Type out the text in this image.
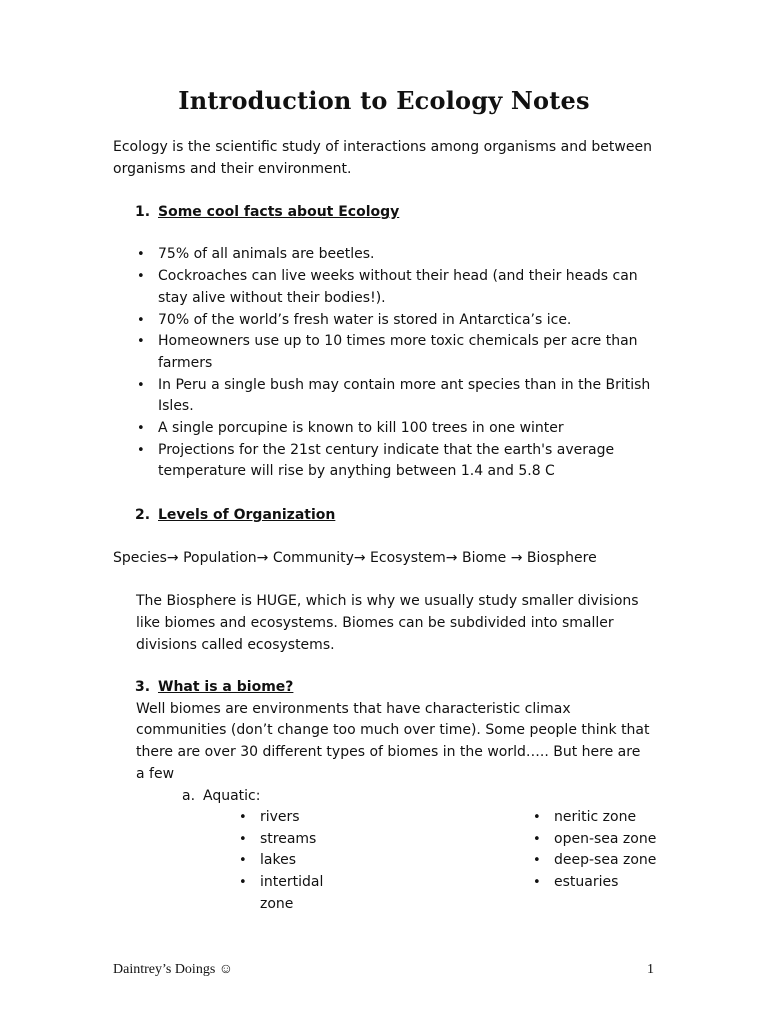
Introduction to Ecology Notes
Ecology is the scientific study of interactions among organisms and between
organisms and their environment.
1. Some cool facts about Ecology
• 75% of all animals are beetles.
• Cockroaches can live weeks without their head (and their heads can
stay alive without their bodies!).
• 70% of the world’s fresh water is stored in Antarctica’s ice.
• Homeowners use up to 10 times more toxic chemicals per acre than
farmers
• In Peru a single bush may contain more ant species than in the British
Isles.
• A single porcupine is known to kill 100 trees in one winter
• Projections for the 21st century indicate that the earth's average
temperature will rise by anything between 1.4 and 5.8 C
2. Levels of Organization
Species→ Population→ Community→ Ecosystem→ Biome → Biosphere
The Biosphere is HUGE, which is why we usually study smaller divisions
like biomes and ecosystems. Biomes can be subdivided into smaller
divisions called ecosystems.
3. What is a biome?
Well biomes are environments that have characteristic climax
communities (don’t change too much over time). Some people think that
there are over 30 different types of biomes in the world….. But here are
a few
a. Aquatic:
• rivers
• streams
• lakes
• intertidal
zone
• neritic zone
• open-sea zone
• deep-sea zone
• estuaries
Daintrey’s Doings ☺	1
